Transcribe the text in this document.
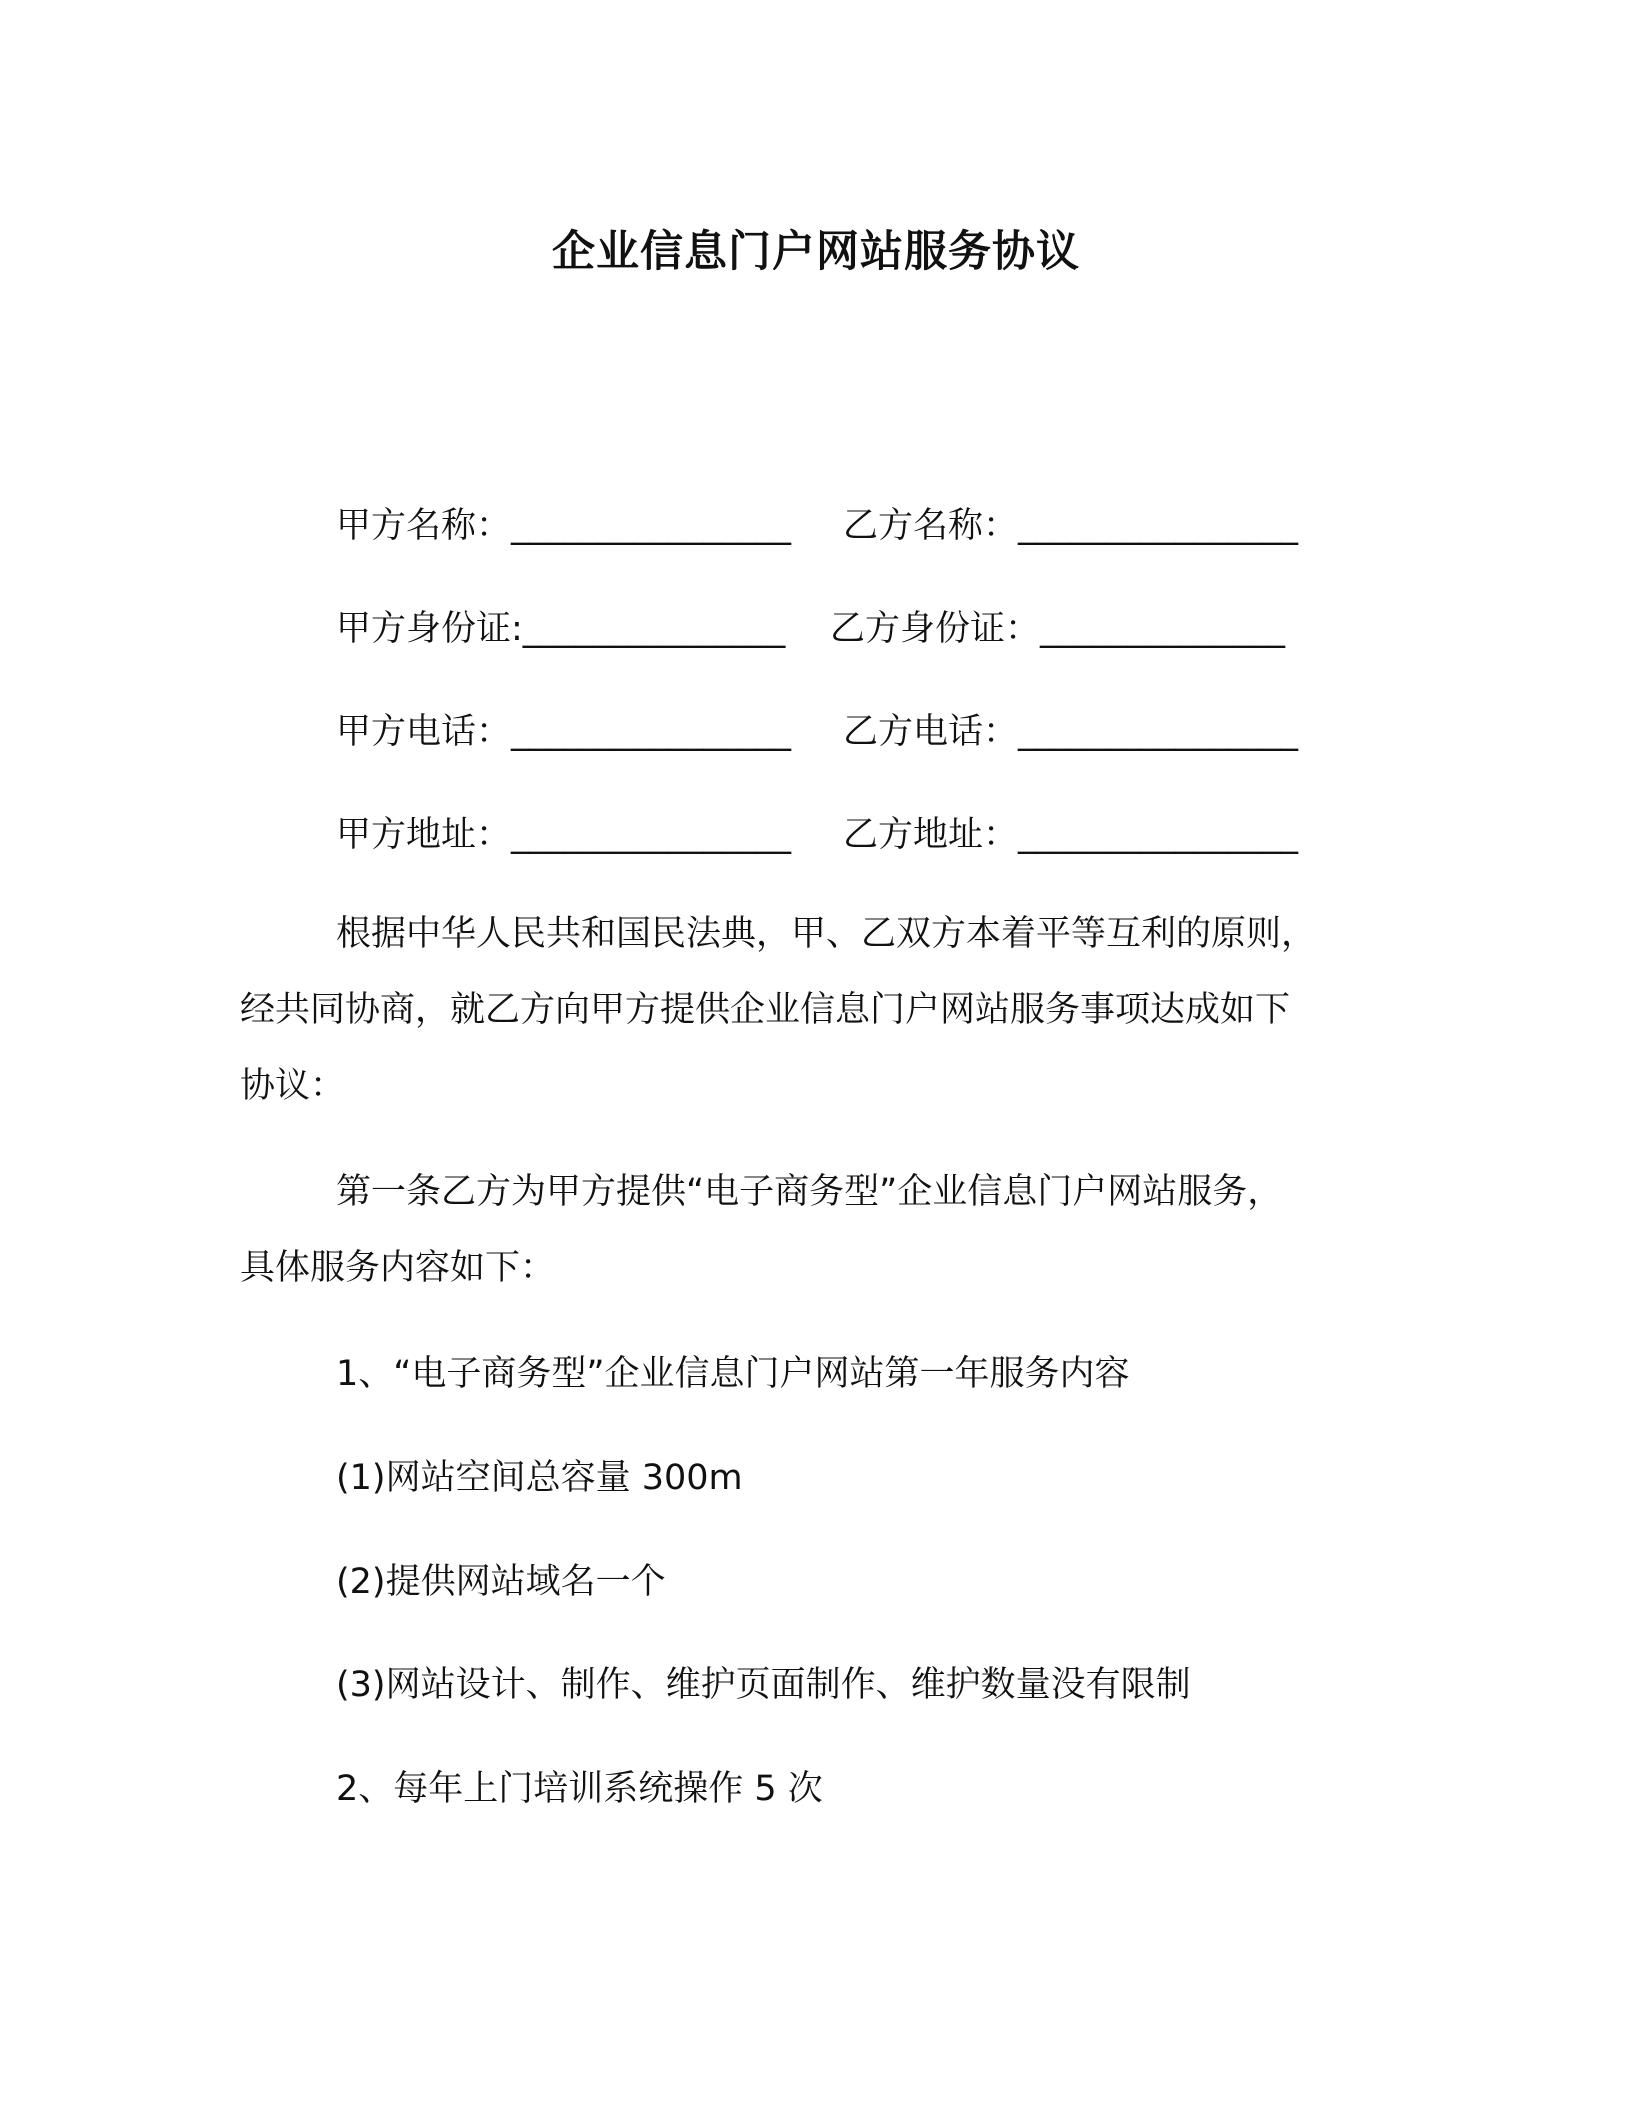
企业信息门户网站服务协议
甲方名称：________________ 乙方名称：________________
甲方身份证:_______________ 乙方身份证：______________
甲方电话：________________ 乙方电话：________________
甲方地址：________________ 乙方地址：________________
根据中华人民共和国民法典，甲、乙双方本着平等互利的原则，
经共同协商，就乙方向甲方提供企业信息门户网站服务事项达成如下
协议：
第一条乙方为甲方提供“电子商务型”企业信息门户网站服务，
具体服务内容如下：
1、“电子商务型”企业信息门户网站第一年服务内容
(1)网站空间总容量 300m
(2)提供网站域名一个
(3)网站设计、制作、维护页面制作、维护数量没有限制
2、每年上门培训系统操作 5 次
